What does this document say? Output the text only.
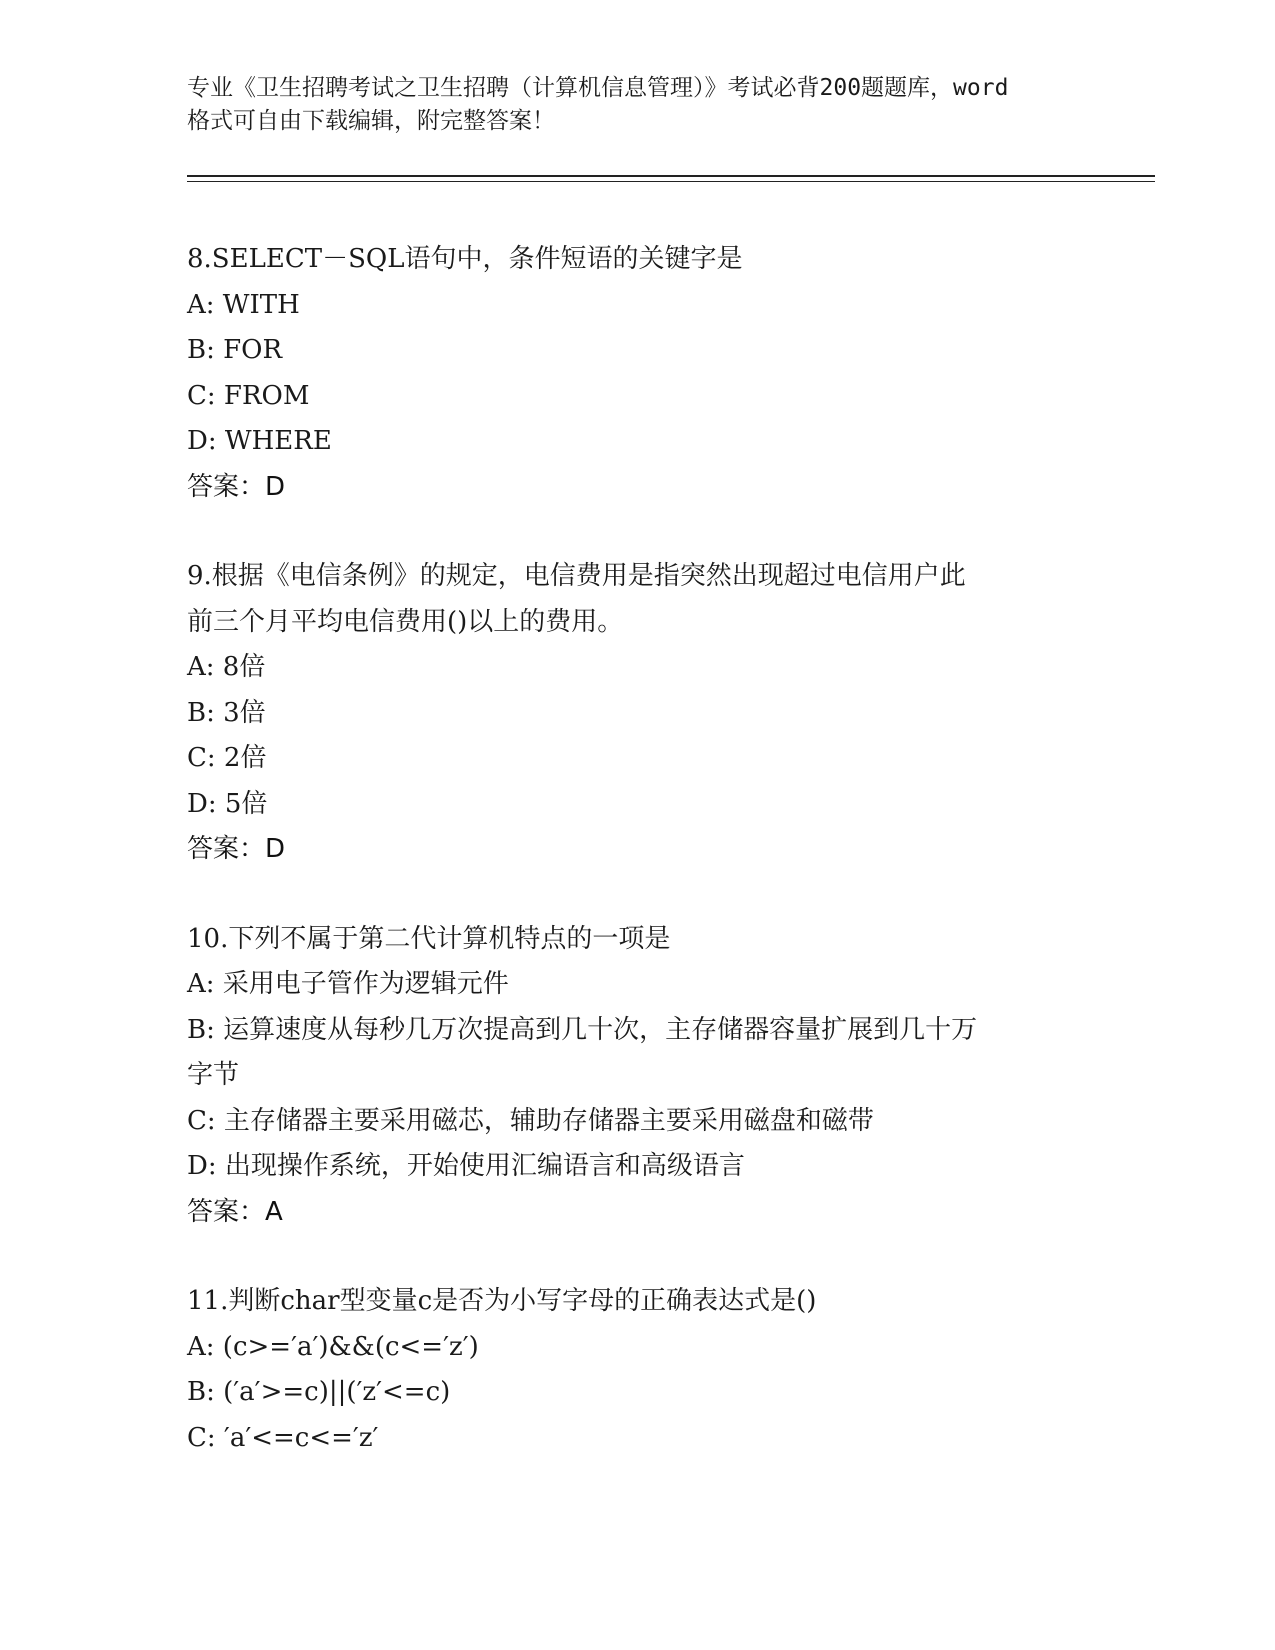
专业《卫生招聘考试之卫生招聘（计算机信息管理）》考试必背200题题库，word
格式可自由下载编辑，附完整答案！
8.SELECT－SQL语句中，条件短语的关键字是
A: WITH
B: FOR
C: FROM
D: WHERE
答案：D
9.根据《电信条例》的规定，电信费用是指突然出现超过电信用户此
前三个月平均电信费用()以上的费用。
A: 8倍
B: 3倍
C: 2倍
D: 5倍
答案：D
10.下列不属于第二代计算机特点的一项是
A: 采用电子管作为逻辑元件
B: 运算速度从每秒几万次提高到几十次，主存储器容量扩展到几十万
字节
C: 主存储器主要采用磁芯，辅助存储器主要采用磁盘和磁带
D: 出现操作系统，开始使用汇编语言和高级语言
答案：A
11.判断char型变量c是否为小写字母的正确表达式是()
A: (c>=′a′)&&(c<=′z′)
B: (′a′>=c)||(′z′<=c)
C: ′a′<=c<=′z′
